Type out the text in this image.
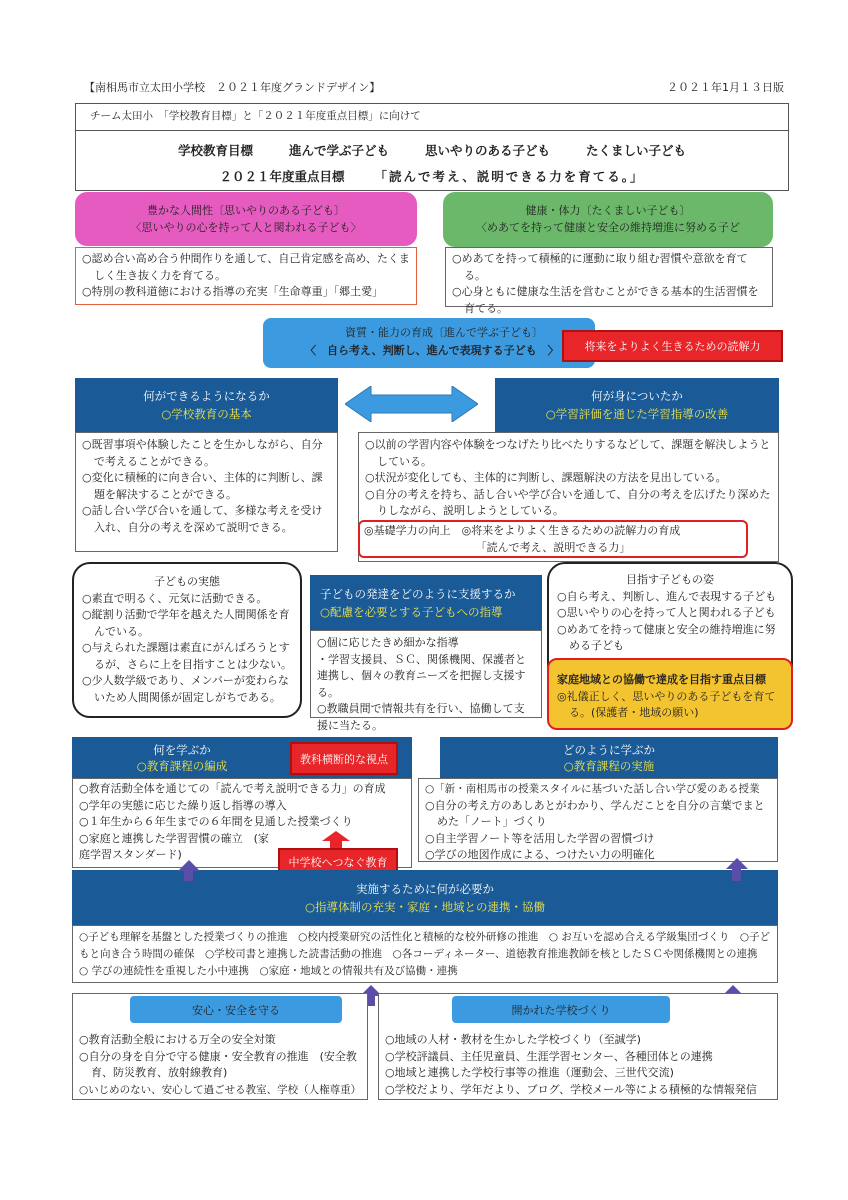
【南相馬市立太田小学校　２０２１年度グランドデザイン】	２０２１年1月１３日版
チーム太田小　「学校教育目標」と「２０２１年度重点目標」に向けて
学校教育目標	進んで学ぶ子ども	思いやりのある子ども	たくましい子ども
２０２１年度重点目標 「読んで考え、説明できる力を育てる。」
豊かな人間性〔思いやりのある子ども〕
〈思いやりの心を持って人と関われる子ども〉
○認め合い高め合う仲間作りを通して、自己肯定感を高め、たくましく生き抜く力を育てる。
○特別の教科道徳における指導の充実「生命尊重」「郷土愛」
健康・体力〔たくましい子ども〕
〈めあてを持って健康と安全の維持増進に努める子ど
○めあてを持って積極的に運動に取り組む習慣や意欲を育てる。
○心身ともに健康な生活を営むことができる基本的生活習慣を育てる。
資質・能力の育成〔進んで学ぶ子ども〕
〈　自ら考え、判断し、進んで表現する子ども　〉	将来をよりよく生きるための読解力
何ができるようになるか
○学校教育の基本
○既習事項や体験したことを生かしながら、自分で考えることができる。
○変化に積極的に向き合い、主体的に判断し、課題を解決することができる。
○話し合い学び合いを通して、多様な考えを受け入れ、自分の考えを深めて説明できる。
何が身についたか
○学習評価を通じた学習指導の改善
○以前の学習内容や体験をつなげたり比べたりするなどして、課題を解決しようとしている。
○状況が変化しても、主体的に判断し、課題解決の方法を見出している。
○自分の考えを持ち、話し合いや学び合いを通して、自分の考えを広げたり深めたりしながら、説明しようとしている。
◎基礎学力の向上　◎将来をよりよく生きるための読解力の育成
「読んで考え、説明できる力」
子どもの実態
○素直で明るく、元気に活動できる。
○縦割り活動で学年を越えた人間関係を育んでいる。
○与えられた課題は素直にがんばろうとするが、さらに上を目指すことは少ない。
○少人数学級であり、メンバーが変わらないため人間関係が固定しがちである。
子どもの発達をどのように支援するか
○配慮を必要とする子どもへの指導
○個に応じたきめ細かな指導
・学習支援員、ＳＣ、関係機関、保護者と連携し、個々の教育ニーズを把握し支援する。
○教職員間で情報共有を行い、協働して支援に当たる。
目指す子どもの姿
○自ら考え、判断し、進んで表現する子ども
○思いやりの心を持って人と関われる子ども
○めあてを持って健康と安全の維持増進に努める子ども
家庭地域との協働で達成を目指す重点目標
◎礼儀正しく、思いやりのある子どもを育てる。(保護者・地域の願い)
何を学ぶか
○教育課程の編成	教科横断的な視点
○教育活動全体を通じての「読んで考え説明できる力」の育成
○学年の実態に応じた繰り返し指導の導入
○１年生から６年生までの６年間を見通した授業づくり
○家庭と連携した学習習慣の確立　(家庭学習スタンダード)
中学校へつなぐ教育
どのように学ぶか
○教育課程の実施
○「新・南相馬市の授業スタイルに基づいた話し合い学び愛のある授業
○自分の考え方のあしあとがわかり、学んだことを自分の言葉でまとめた「ノート」づくり
○自主学習ノート等を活用した学習の習慣づけ
○学びの地図作成による、つけたい力の明確化
実施するために何が必要か
○指導体制の充実・家庭・地域との連携・協働
○子ども理解を基盤とした授業づくりの推進　○校内授業研究の活性化と積極的な校外研修の推進　○ お互いを認め合える学級集団づくり　○子どもと向き合う時間の確保　○学校司書と連携した読書活動の推進　○各コーディネーター、道徳教育推進教師を核としたＳＣや関係機関との連携　○ 学びの連続性を重視した小中連携　○家庭・地域との情報共有及び協働・連携
○教育活動全般における万全の安全対策
○自分の身を自分で守る健康・安全教育の推進　(安全教育、防災教育、放射線教育)
○いじめのない、安心して過ごせる教室、学校（人権尊重）
安心・安全を守る
○地域の人材・教材を生かした学校づくり（至誠学)
○学校評議員、主任児童員、生涯学習センター、各種団体との連携
○地域と連携した学校行事等の推進（運動会、三世代交流)
○学校だより、学年だより、ブログ、学校メール等による積極的な情報発信
開かれた学校づくり
